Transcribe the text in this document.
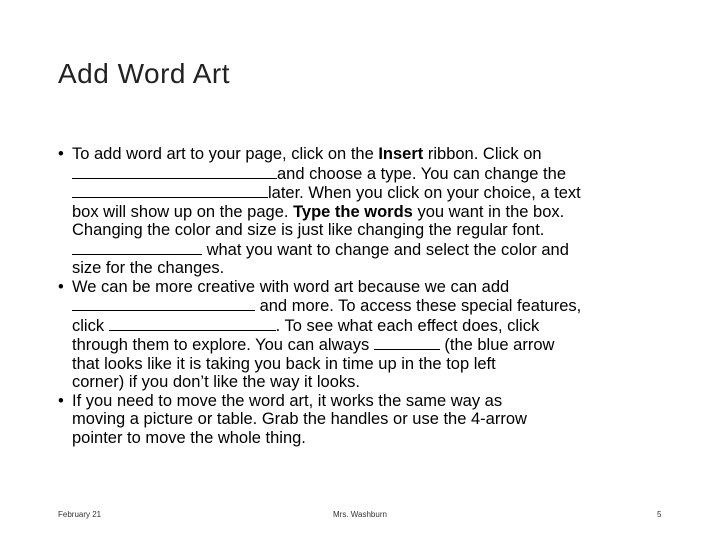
Add Word Art
• To add word art to your page, click on the Insert ribbon. Click on
and choose a type. You can change the
later. When you click on your choice, a text
box will show up on the page. Type the words you want in the box.
Changing the color and size is just like changing the regular font.
what you want to change and select the color and
size for the changes.
• We can be more creative with word art because we can add
and more. To access these special features,
click	. To see what each effect does, click
through them to explore. You can always	(the blue arrow
that looks like it is taking you back in time up in the top left
corner) if you don’t like the way it looks.
• If you need to move the word art, it works the same way as
moving a picture or table. Grab the handles or use the 4-arrow
pointer to move the whole thing.
February 21	Mrs. Washburn	5
